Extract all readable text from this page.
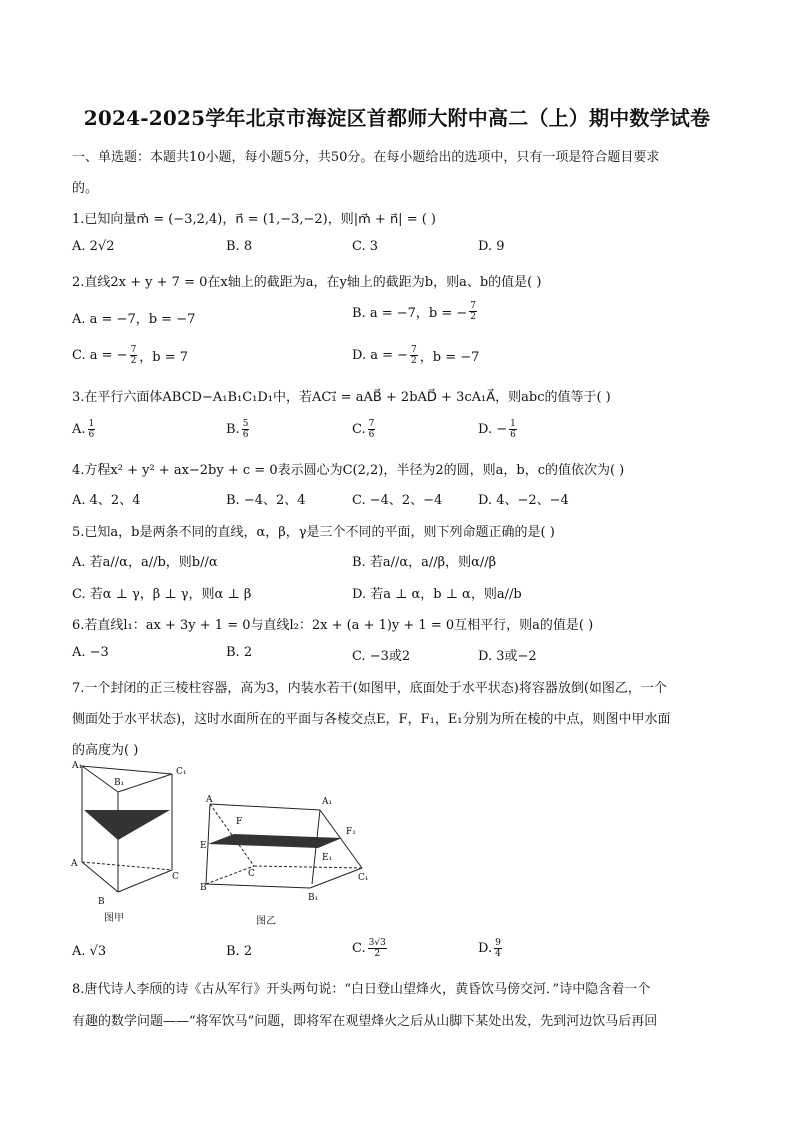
2024-2025学年北京市海淀区首都师大附中高二（上）期中数学试卷
一、单选题：本题共10小题，每小题5分，共50分。在每小题给出的选项中，只有一项是符合题目要求
的。
1.已知向量m⃗ = (−3,2,4)，n⃗ = (1,−3,−2)，则|m⃗ + n⃗| = ( )
A. 2√2	B. 8	C. 3	D. 9
2.直线2x + y + 7 = 0在x轴上的截距为a，在y轴上的截距为b，则a、b的值是( )
A. a = −7，b = −7	B. a = −7，b = − $\frac{7}{2}$
C. a = − $\frac{7}{2}$ ，b = 7	D. a = − $\frac{7}{2}$ ，b = −7
3.在平行六面体ABCD−A₁B₁C₁D₁中，若AC₁⃗ = aAB⃗ + 2bAD⃗ + 3cA₁A⃗，则abc的值等于( )
A. $\frac{1}{6}$	B. $\frac{5}{6}$	C. $\frac{7}{6}$	D. − $\frac{1}{6}$
4.方程x² + y² + ax−2by + c = 0表示圆心为C(2,2)，半径为2的圆，则a，b，c的值依次为( )
A. 4、2、4	B. −4、2、4	C. −4、2、−4	D. 4、−2、−4
5.已知a，b是两条不同的直线，α，β，γ是三个不同的平面，则下列命题正确的是( )
A. 若a//α，a//b，则b//α	B. 若a//α，a//β，则α//β
C. 若α ⊥ γ，β ⊥ γ，则α ⊥ β	D. 若a ⊥ α，b ⊥ α，则a//b
6.若直线l₁：ax + 3y + 1 = 0与直线l₂：2x + (a + 1)y + 1 = 0互相平行，则a的值是( )
A. −3	B. 2	C. −3或2	D. 3或−2
7.一个封闭的正三棱柱容器，高为3，内装水若干(如图甲，底面处于水平状态)将容器放倒(如图乙，一个
侧面处于水平状态)，这时水面所在的平面与各棱交点E，F，F₁，E₁分别为所在棱的中点，则图中甲水面
的高度为( )
A₁
B₁
C₁
A
B
C
图甲
A	A₁
F
F₁
E
E₁
C	C₁
B
B₁
图乙
A. √3	B. 2	C. $\frac{3√3}{2}$	D. $\frac{9}{4}$
8.唐代诗人李颀的诗《古从军行》开头两句说：“白日登山望烽火，黄昏饮马傍交河．”诗中隐含着一个
有趣的数学问题——“将军饮马”问题，即将军在观望烽火之后从山脚下某处出发，先到河边饮马后再回
